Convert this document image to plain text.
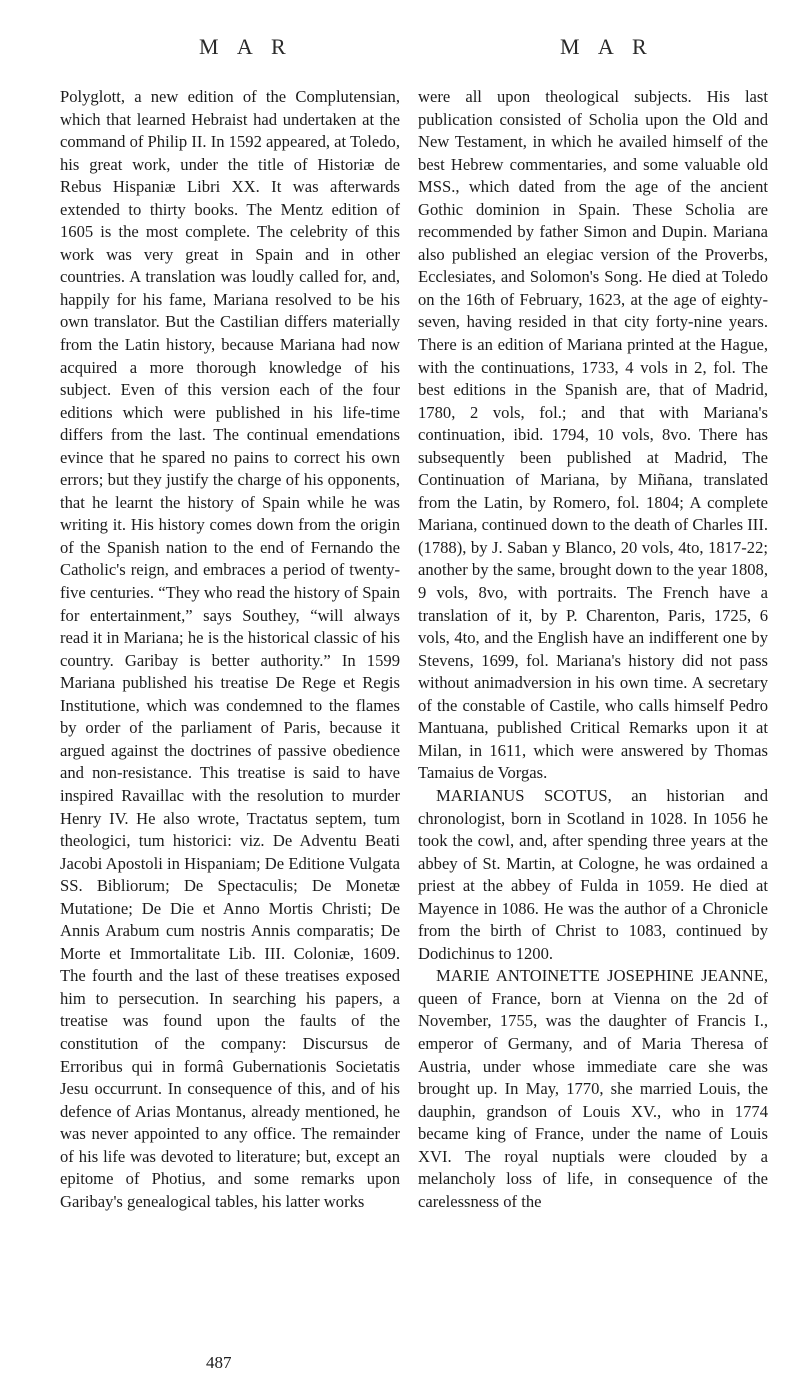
M A R	M A R

Polyglott, a new edition of the Complutensian, which that learned Hebraist had undertaken at the command of Philip II. In 1592 appeared, at Toledo, his great work, under the title of Historiæ de Rebus Hispaniæ Libri XX. It was afterwards extended to thirty books. The Mentz edition of 1605 is the most complete. The celebrity of this work was very great in Spain and in other countries. A translation was loudly called for, and, happily for his fame, Mariana resolved to be his own translator. But the Castilian differs materially from the Latin history, because Mariana had now acquired a more thorough knowledge of his subject. Even of this version each of the four editions which were published in his life-time differs from the last. The continual emendations evince that he spared no pains to correct his own errors; but they justify the charge of his opponents, that he learnt the history of Spain while he was writing it. His history comes down from the origin of the Spanish nation to the end of Fernando the Catholic's reign, and embraces a period of twenty-five centuries. “They who read the history of Spain for entertainment,” says Southey, “will always read it in Mariana; he is the historical classic of his country. Garibay is better authority.” In 1599 Mariana published his treatise De Rege et Regis Institutione, which was condemned to the flames by order of the parliament of Paris, because it argued against the doctrines of passive obedience and non-resistance. This treatise is said to have inspired Ravaillac with the resolution to murder Henry IV. He also wrote, Tractatus septem, tum theologici, tum historici: viz. De Adventu Beati Jacobi Apostoli in Hispaniam; De Editione Vulgata SS. Bibliorum; De Spectaculis; De Monetæ Mutatione; De Die et Anno Mortis Christi; De Annis Arabum cum nostris Annis comparatis; De Morte et Immortalitate Lib. III. Coloniæ, 1609. The fourth and the last of these treatises exposed him to persecution. In searching his papers, a treatise was found upon the faults of the constitution of the company: Discursus de Erroribus qui in formâ Gubernationis Societatis Jesu occurrunt. In consequence of this, and of his defence of Arias Montanus, already mentioned, he was never appointed to any office. The remainder of his life was devoted to literature; but, except an epitome of Photius, and some remarks upon Garibay's genealogical tables, his latter works

were all upon theological subjects. His last publication consisted of Scholia upon the Old and New Testament, in which he availed himself of the best Hebrew commentaries, and some valuable old MSS., which dated from the age of the ancient Gothic dominion in Spain. These Scholia are recommended by father Simon and Dupin. Mariana also published an elegiac version of the Proverbs, Ecclesiates, and Solomon's Song. He died at Toledo on the 16th of February, 1623, at the age of eighty-seven, having resided in that city forty-nine years. There is an edition of Mariana printed at the Hague, with the continuations, 1733, 4 vols in 2, fol. The best editions in the Spanish are, that of Madrid, 1780, 2 vols, fol.; and that with Mariana's continuation, ibid. 1794, 10 vols, 8vo. There has subsequently been published at Madrid, The Continuation of Mariana, by Miñana, translated from the Latin, by Romero, fol. 1804; A complete Mariana, continued down to the death of Charles III. (1788), by J. Saban y Blanco, 20 vols, 4to, 1817-22; another by the same, brought down to the year 1808, 9 vols, 8vo, with portraits. The French have a translation of it, by P. Charenton, Paris, 1725, 6 vols, 4to, and the English have an indifferent one by Stevens, 1699, fol. Mariana's history did not pass without animadversion in his own time. A secretary of the constable of Castile, who calls himself Pedro Mantuana, published Critical Remarks upon it at Milan, in 1611, which were answered by Thomas Tamaius de Vorgas.

MARIANUS SCOTUS, an historian and chronologist, born in Scotland in 1028. In 1056 he took the cowl, and, after spending three years at the abbey of St. Martin, at Cologne, he was ordained a priest at the abbey of Fulda in 1059. He died at Mayence in 1086. He was the author of a Chronicle from the birth of Christ to 1083, continued by Dodichinus to 1200.

MARIE ANTOINETTE JOSEPHINE JEANNE, queen of France, born at Vienna on the 2d of November, 1755, was the daughter of Francis I., emperor of Germany, and of Maria Theresa of Austria, under whose immediate care she was brought up. In May, 1770, she married Louis, the dauphin, grandson of Louis XV., who in 1774 became king of France, under the name of Louis XVI. The royal nuptials were clouded by a melancholy loss of life, in consequence of the carelessness of the

487
